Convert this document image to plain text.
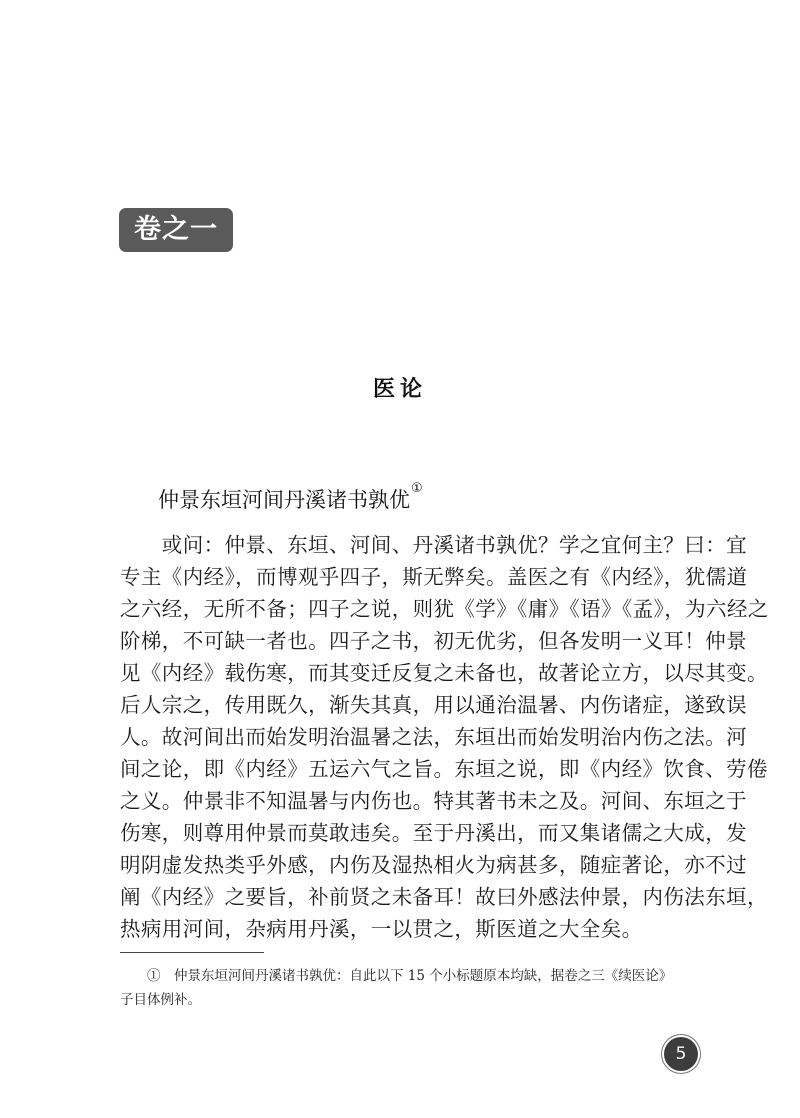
卷之一
医论
仲景东垣河间丹溪诸书孰优①
　　或问：仲景、东垣、河间、丹溪诸书孰优？学之宜何主？曰：宜
专主《内经》，而博观乎四子，斯无弊矣。盖医之有《内经》，犹儒道
之六经，无所不备；四子之说，则犹《学》《庸》《语》《孟》，为六经之
阶梯，不可缺一者也。四子之书，初无优劣，但各发明一义耳！仲景
见《内经》载伤寒，而其变迁反复之未备也，故著论立方，以尽其变。
后人宗之，传用既久，渐失其真，用以通治温暑、内伤诸症，遂致误
人。故河间出而始发明治温暑之法，东垣出而始发明治内伤之法。河
间之论，即《内经》五运六气之旨。东垣之说，即《内经》饮食、劳倦
之义。仲景非不知温暑与内伤也。特其著书未之及。河间、东垣之于
伤寒，则尊用仲景而莫敢违矣。至于丹溪出，而又集诸儒之大成，发
明阴虚发热类乎外感，内伤及湿热相火为病甚多，随症著论，亦不过
阐《内经》之要旨，补前贤之未备耳！故曰外感法仲景，内伤法东垣，
热病用河间，杂病用丹溪，一以贯之，斯医道之大全矣。
　　①　仲景东垣河间丹溪诸书孰优：自此以下 15 个小标题原本均缺，据卷之三《续医论》
子目体例补。
5
